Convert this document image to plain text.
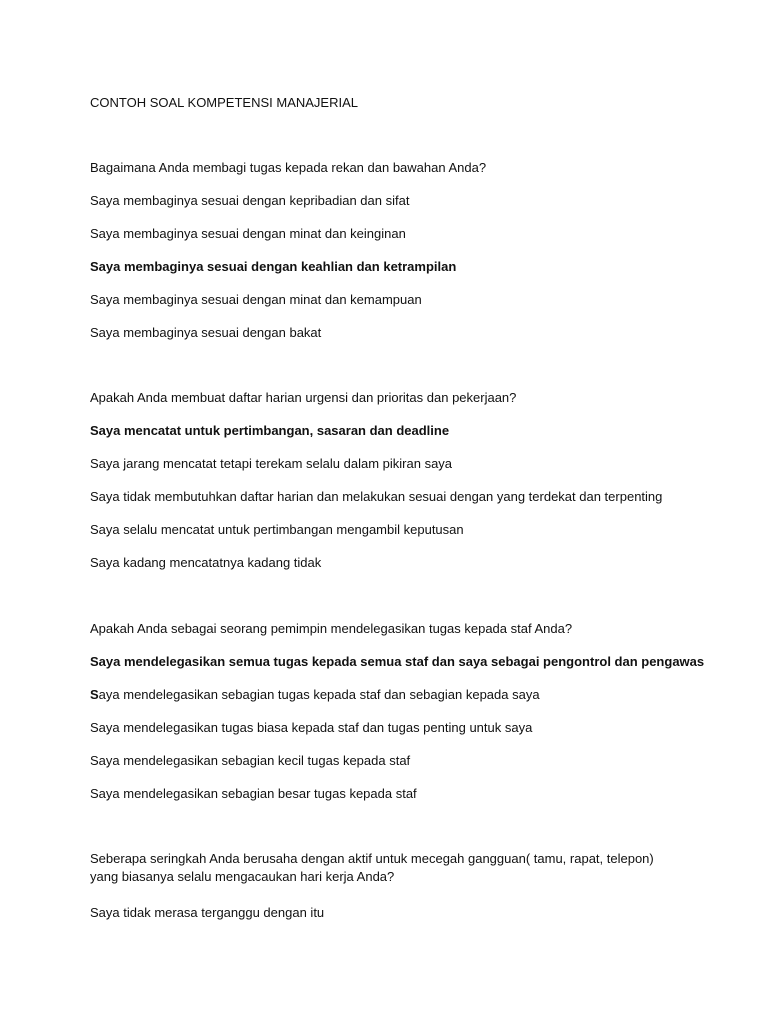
CONTOH SOAL KOMPETENSI MANAJERIAL
Bagaimana Anda membagi tugas kepada rekan dan bawahan Anda?
Saya membaginya sesuai dengan kepribadian dan sifat
Saya membaginya sesuai dengan minat dan keinginan
Saya membaginya sesuai dengan keahlian dan ketrampilan
Saya membaginya sesuai dengan minat dan kemampuan
Saya membaginya sesuai dengan bakat
Apakah Anda membuat daftar harian urgensi dan prioritas dan pekerjaan?
Saya mencatat untuk pertimbangan, sasaran dan deadline
Saya jarang mencatat tetapi terekam selalu dalam pikiran saya
Saya tidak membutuhkan daftar harian dan melakukan sesuai dengan yang terdekat dan terpenting
Saya selalu mencatat untuk pertimbangan mengambil keputusan
Saya kadang mencatatnya kadang tidak
Apakah Anda sebagai seorang pemimpin mendelegasikan tugas kepada staf Anda?
Saya mendelegasikan semua tugas kepada semua staf dan saya sebagai pengontrol dan pengawas
Saya mendelegasikan sebagian tugas kepada staf dan sebagian kepada saya
Saya mendelegasikan tugas biasa kepada staf dan tugas penting untuk saya
Saya mendelegasikan sebagian kecil tugas kepada staf
Saya mendelegasikan sebagian besar tugas kepada staf
Seberapa seringkah Anda berusaha dengan aktif untuk mecegah gangguan( tamu, rapat, telepon) yang biasanya selalu mengacaukan hari kerja Anda?
Saya tidak merasa terganggu dengan itu
